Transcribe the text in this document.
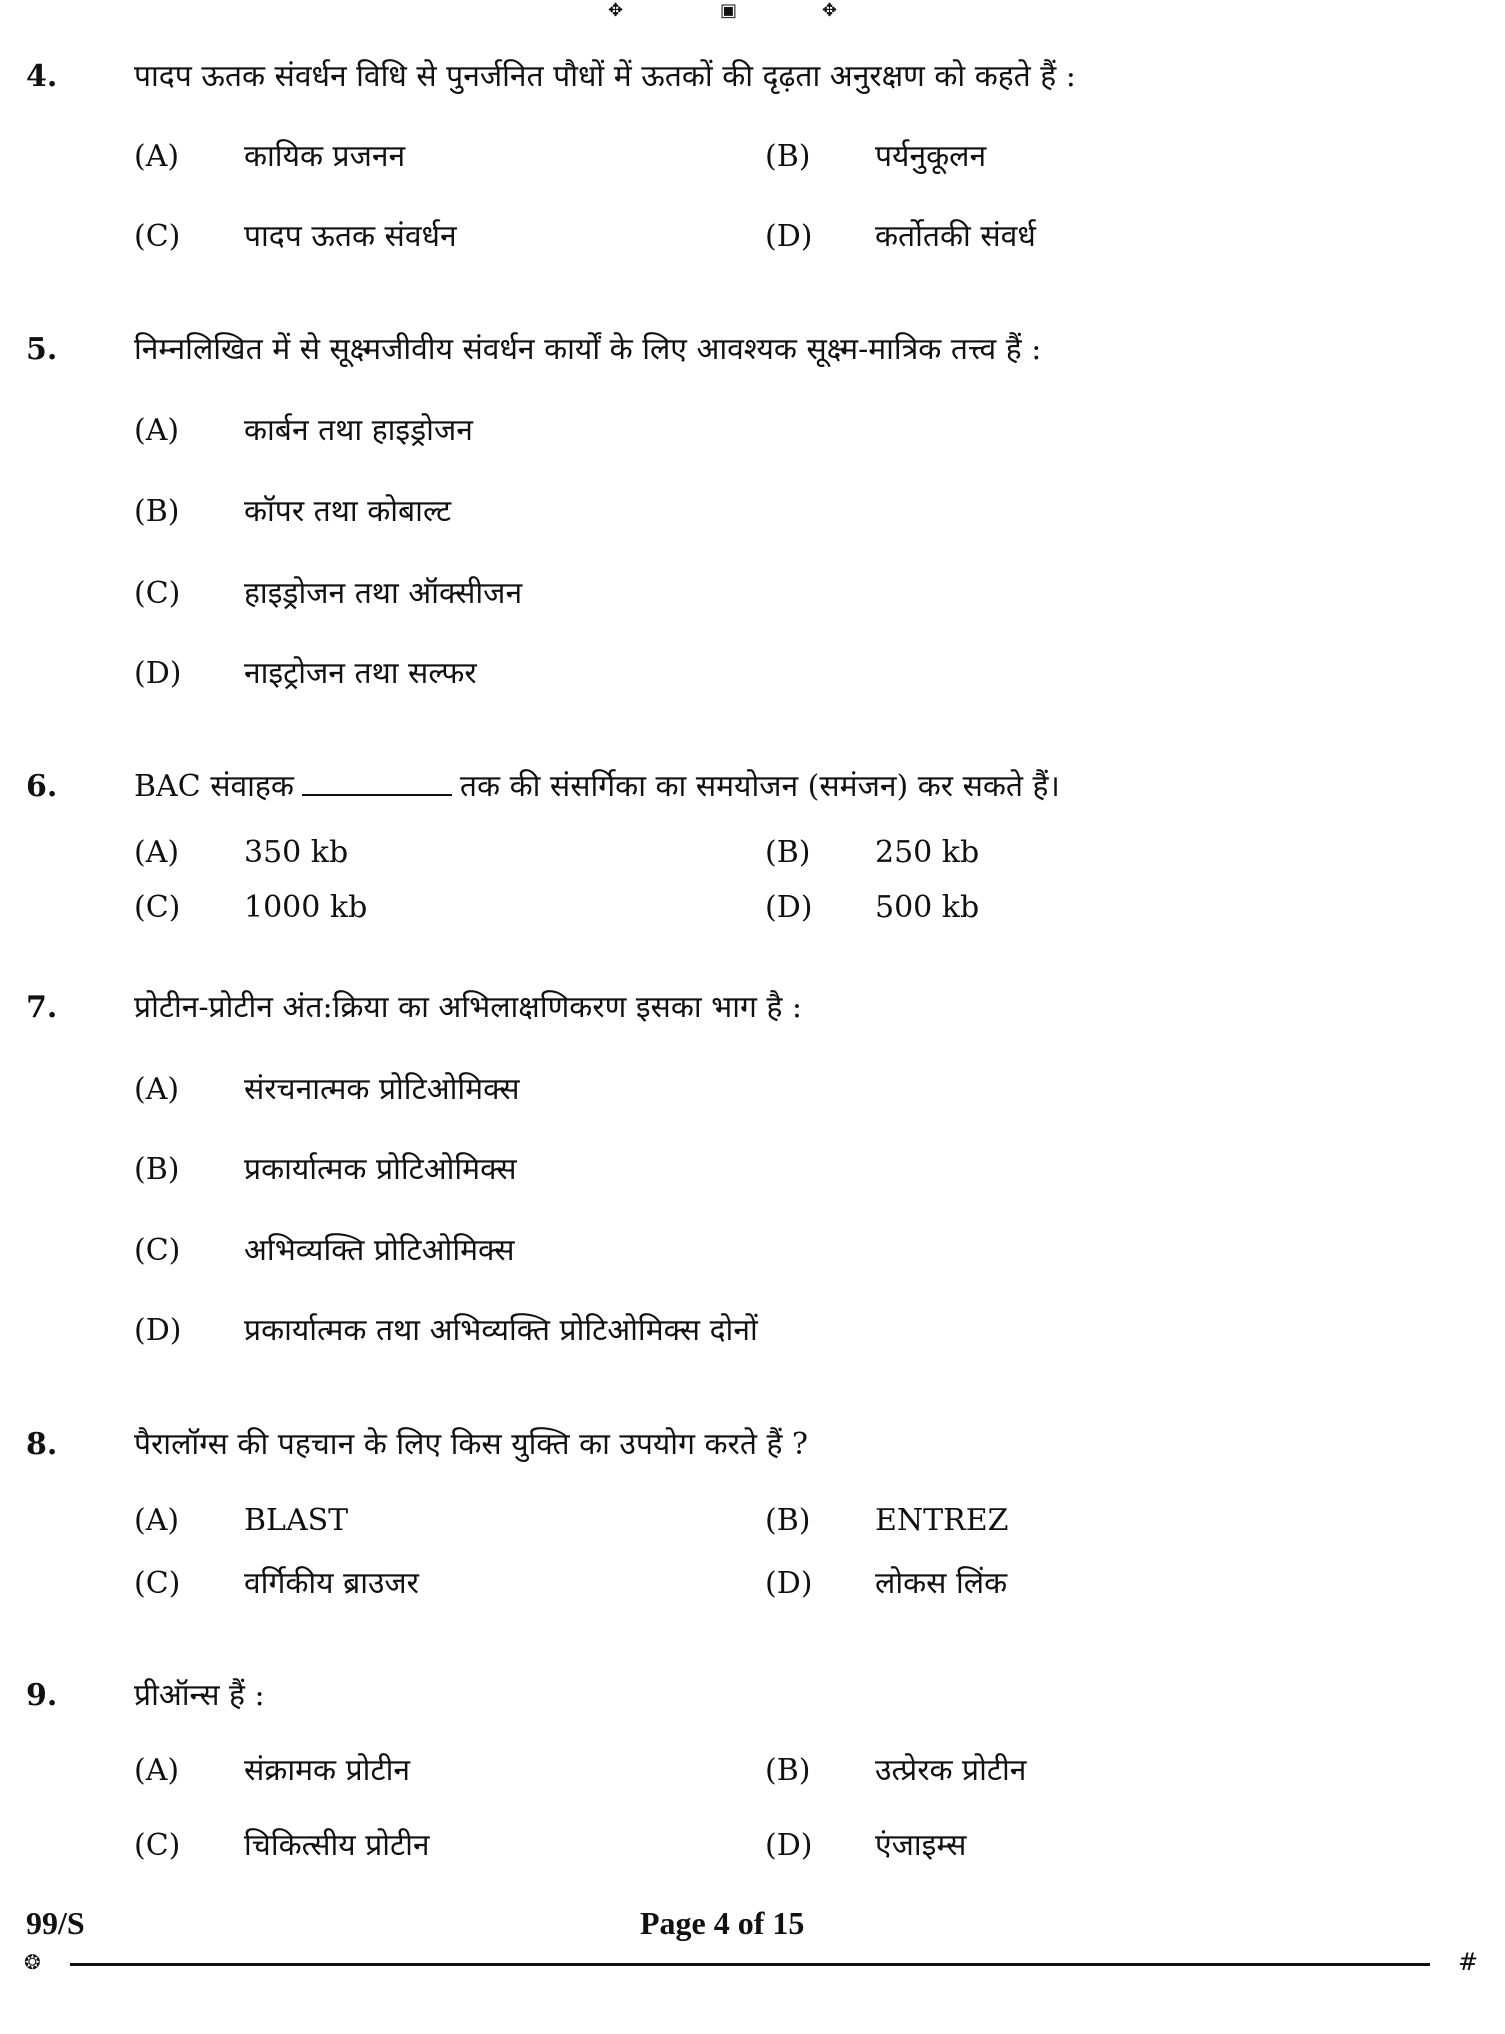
✥	▣	✥
4.	पादप ऊतक संवर्धन विधि से पुनर्जनित पौधों में ऊतकों की दृढ़ता अनुरक्षण को कहते हैं :
(A) कायिक प्रजनन	(B) पर्यनुकूलन
(C) पादप ऊतक संवर्धन	(D) कर्तोतकी संवर्ध
5.	निम्नलिखित में से सूक्ष्मजीवीय संवर्धन कार्यों के लिए आवश्यक सूक्ष्म-मात्रिक तत्त्व हैं :
(A) कार्बन तथा हाइड्रोजन
(B) कॉपर तथा कोबाल्ट
(C) हाइड्रोजन तथा ऑक्सीजन
(D) नाइट्रोजन तथा सल्फर
6.	BAC संवाहक	तक की संसर्गिका का समयोजन (समंजन) कर सकते हैं।
(A) 350 kb	(B) 250 kb
(C) 1000 kb	(D) 500 kb
7.	प्रोटीन-प्रोटीन अंत:क्रिया का अभिलाक्षणिकरण इसका भाग है :
(A) संरचनात्मक प्रोटिओमिक्स
(B) प्रकार्यात्मक प्रोटिओमिक्स
(C) अभिव्यक्ति प्रोटिओमिक्स
(D) प्रकार्यात्मक तथा अभिव्यक्ति प्रोटिओमिक्स दोनों
8.	पैरालॉग्स की पहचान के लिए किस युक्ति का उपयोग करते हैं ?
(A) BLAST	(B) ENTREZ
(C) वर्गिकीय ब्राउजर	(D) लोकस लिंक
9.	प्रीऑन्स हैं :
(A) संक्रामक प्रोटीन	(B) उत्प्रेरक प्रोटीन
(C) चिकित्सीय प्रोटीन	(D) एंजाइम्स
99/S	Page 4 of 15
❂	#
